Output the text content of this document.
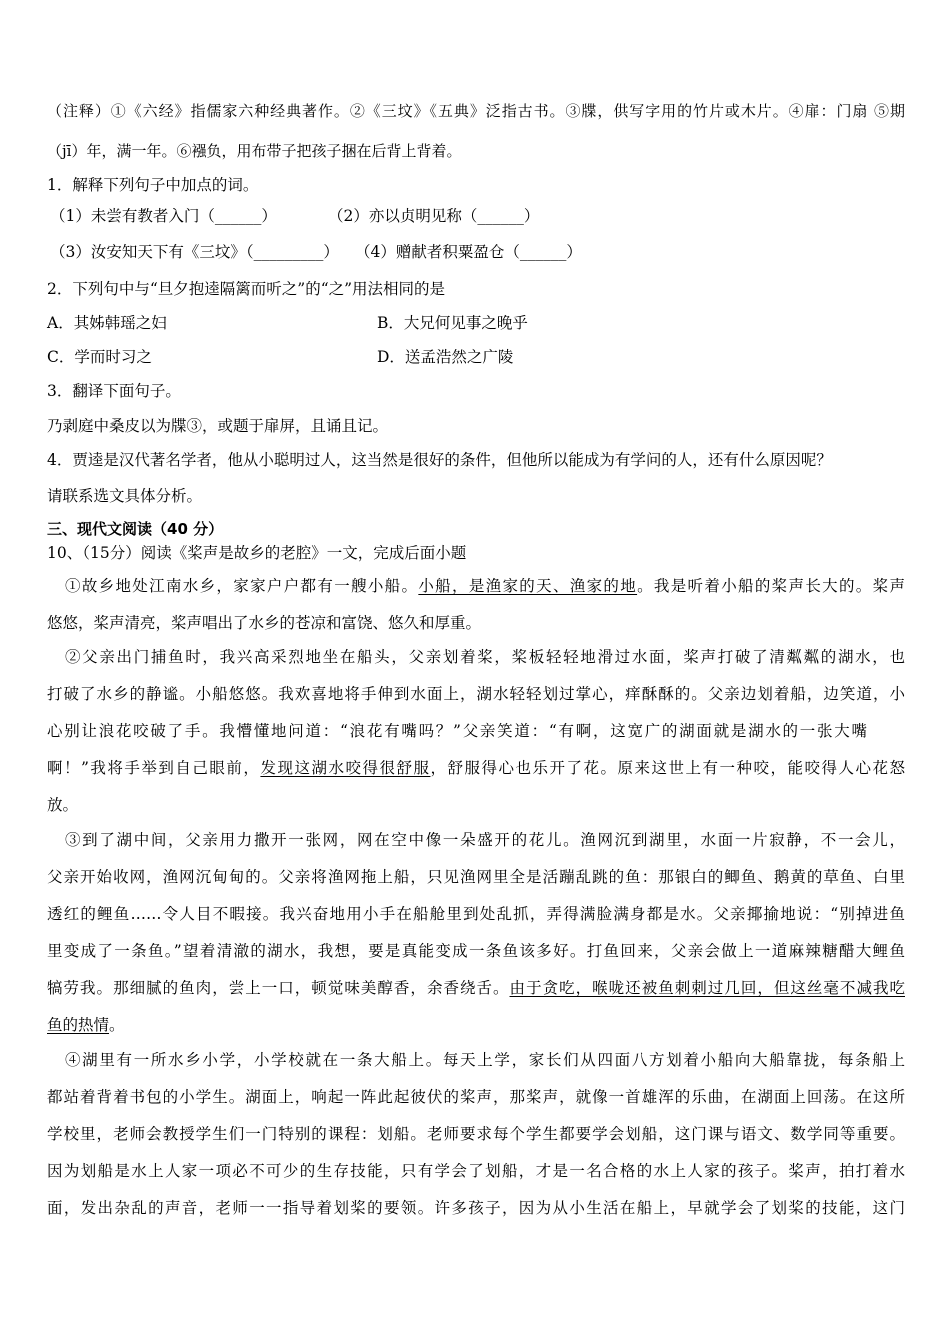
（注释）①《六经》指儒家六种经典著作。②《三坟》《五典》泛指古书。③牒，供写字用的竹片或木片。④扉：门扇 ⑤期
（jī）年，满一年。⑥襁负，用布带子把孩子捆在后背上背着。
1．解释下列句子中加点的词。
（1）未尝有教者入门（______）	（2）亦以贞明见称（______）
（3）汝安知天下有《三坟》（_________） （4）赠献者积粟盈仓（______）
2．下列句中与“旦夕抱逵隔篱而听之”的“之”用法相同的是
A．其姊韩瑶之妇	B．大兄何见事之晚乎
C．学而时习之	D．送孟浩然之广陵
3．翻译下面句子。
乃剥庭中桑皮以为牒③，或题于扉屏，且诵且记。
4．贾逵是汉代著名学者，他从小聪明过人，这当然是很好的条件，但他所以能成为有学问的人，还有什么原因呢？
请联系选文具体分析。
三、现代文阅读（40 分）
10、（15分）阅读《桨声是故乡的老腔》一文，完成后面小题
①故乡地处江南水乡，家家户户都有一艘小船。小船，是渔家的天、渔家的地。我是听着小船的桨声长大的。桨声
悠悠，桨声清亮，桨声唱出了水乡的苍凉和富饶、悠久和厚重。
②父亲出门捕鱼时，我兴高采烈地坐在船头，父亲划着桨，桨板轻轻地滑过水面，桨声打破了清粼粼的湖水，也
打破了水乡的静谧。小船悠悠。我欢喜地将手伸到水面上，湖水轻轻划过掌心，痒酥酥的。父亲边划着船，边笑道，小
心别让浪花咬破了手。我懵懂地问道：“浪花有嘴吗？”父亲笑道：“有啊，这宽广的湖面就是湖水的一张大嘴
啊！”我将手举到自己眼前，发现这湖水咬得很舒服，舒服得心也乐开了花。原来这世上有一种咬，能咬得人心花怒
放。
③到了湖中间，父亲用力撒开一张网，网在空中像一朵盛开的花儿。渔网沉到湖里，水面一片寂静，不一会儿，
父亲开始收网，渔网沉甸甸的。父亲将渔网拖上船，只见渔网里全是活蹦乱跳的鱼：那银白的鲫鱼、鹅黄的草鱼、白里
透红的鲤鱼……令人目不暇接。我兴奋地用小手在船舱里到处乱抓，弄得满脸满身都是水。父亲揶揄地说：“别掉进鱼
里变成了一条鱼。”望着清澈的湖水，我想，要是真能变成一条鱼该多好。打鱼回来，父亲会做上一道麻辣糖醋大鲤鱼
犒劳我。那细腻的鱼肉，尝上一口，顿觉味美醇香，余香绕舌。由于贪吃，喉咙还被鱼刺刺过几回，但这丝毫不减我吃
鱼的热情。
④湖里有一所水乡小学，小学校就在一条大船上。每天上学，家长们从四面八方划着小船向大船靠拢，每条船上
都站着背着书包的小学生。湖面上，响起一阵此起彼伏的桨声，那桨声，就像一首雄浑的乐曲，在湖面上回荡。在这所
学校里，老师会教授学生们一门特别的课程：划船。老师要求每个学生都要学会划船，这门课与语文、数学同等重要。
因为划船是水上人家一项必不可少的生存技能，只有学会了划船，才是一名合格的水上人家的孩子。桨声，拍打着水
面，发出杂乱的声音，老师一一指导着划桨的要领。许多孩子，因为从小生活在船上，早就学会了划桨的技能，这门
